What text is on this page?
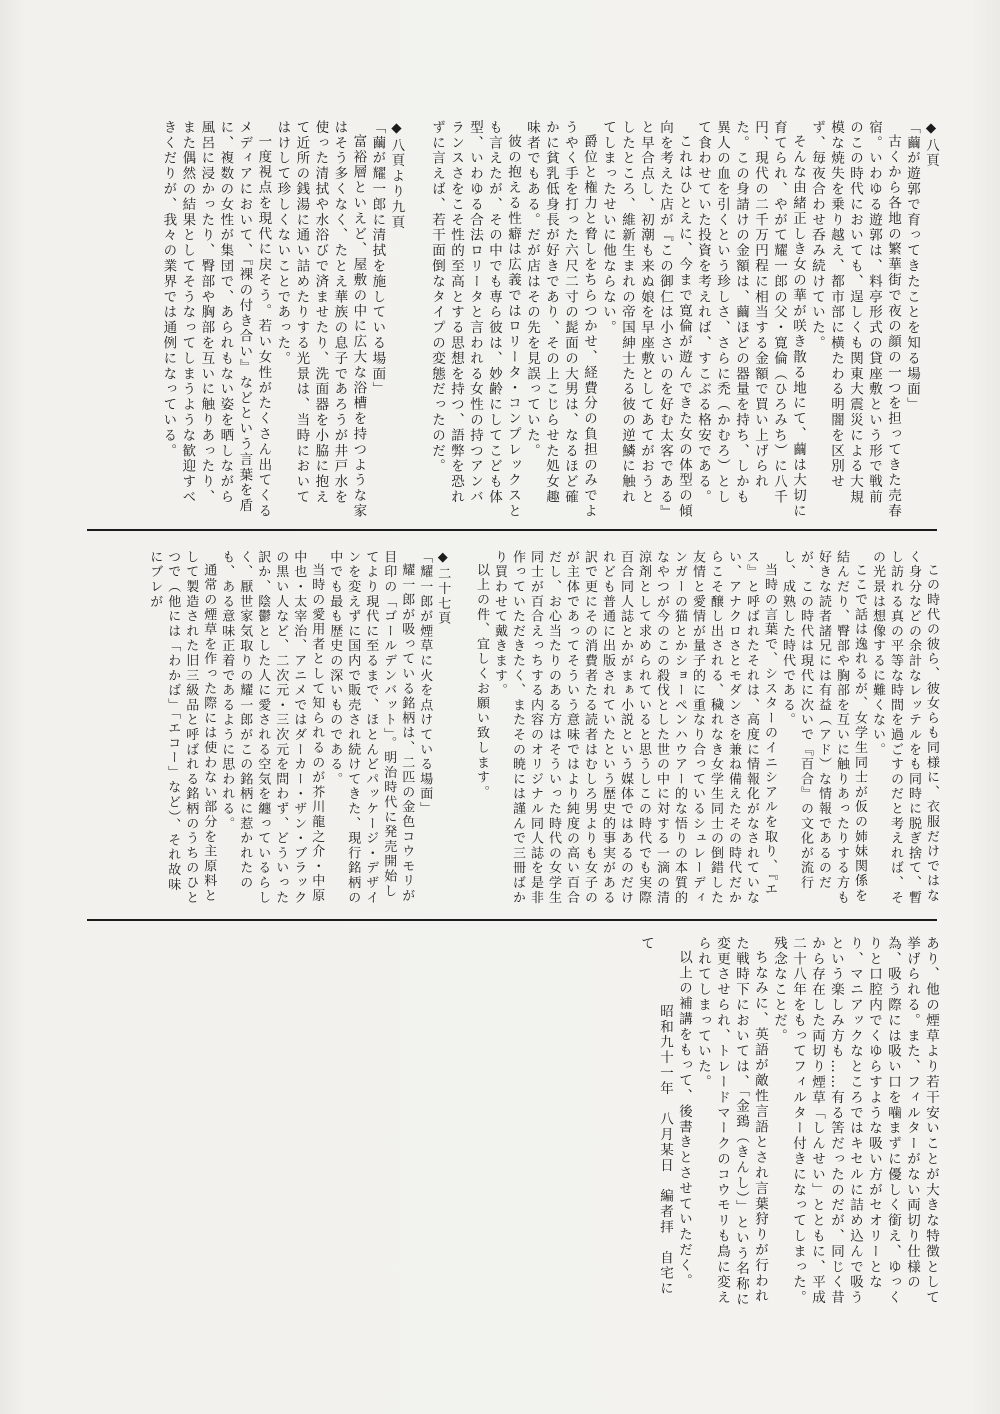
◆八頁
「繭が遊郭で育ってきたことを知る場面」

古くから各地の繁華街で夜の顔の一つを担ってきた売春宿。いわゆる遊郭は、料亭形式の貸座敷という形で戦前のこの時代においても、逞しくも関東大震災による大規模な焼失を乗り越え、都市部に横たわる明闇を区別せず、毎夜合わせ呑み続けていた。

そんな由緒正しき女の華が咲き散る地にて、繭は大切に育てられ、やがて耀一郎の父・寛倫（ひろみち）に八千円、現代の二千万円程に相当する金額で買い上げられた。この身請けの金額は、繭ほどの器量を持ち、しかも異人の血を引くという珍しさ、さらに禿（かむろ）として食わせていた投資を考えれば、すこぶる格安である。

これはひとえに、今まで寛倫が遊んできた女の体型の傾向を考えた店が『この御仁は小さいのを好む太客である』と早合点し、初潮も来ぬ娘を早座敷としてあてがおうとしたところ、維新生まれの帝国紳士たる彼の逆鱗に触れてしまったせいに他ならない。

爵位と権力と脅しをちらつかせ、経費分の負担のみでようやく手を打った六尺二寸の髭面の大男は、なるほど確かに貧乳低身長が好きであり、その上こじらせた処女趣味者でもある。だが店はその先を見誤っていた。

彼の抱える性癖は広義ではロリータ・コンプレックスとも言えたが、その中でも専ら彼は、妙齢にしてこども体型、いわゆる合法ロリータと言われる女性の持つアンバランスさをこそ性的至高とする思想を持つ、語弊を恐れずに言えば、若干面倒なタイプの変態だったのだ。

◆八頁より九頁
「繭が耀一郎に清拭を施している場面」

富裕層といえど、屋敷の中に広大な浴槽を持つような家はそう多くなく、たとえ華族の息子であろうが井戸水を使った清拭や水浴びで済ませたり、洗面器を小脇に抱えて近所の銭湯に通い詰めたりする光景は、当時においてはけして珍しくないことであった。

一度視点を現代に戻そう。若い女性がたくさん出てくるメディアにおいて、『裸の付き合い』などという言葉を盾に、複数の女性が集団で、あられもない姿を晒しながら風呂に浸かったり、臀部や胸部を互いに触りあったり、また偶然の結果としてそうなってしまうような歓迎すべきくだりが、我々の業界では通例になっている。

この時代の彼ら、彼女らも同様に、衣服だけではなく身分などの余計なレッテルをも同時に脱ぎ捨て、暫し訪れる真の平等な時間を過ごすのだと考えれば、その光景は想像するに難くない。

ここで話は逸れるが、女学生同士が仮の姉妹関係を結んだり、臀部や胸部を互いに触りあったりする方も好きな読者諸兄には有益（アド）な情報であるのだが、この時代は現代に次いで『百合』の文化が流行し、成熟した時代である。

当時の言葉で、シスターのイニシアルを取り、『エス』と呼ばれたそれは、高度に情報化がなされていない、アナクロさとモダンさを兼ね備えたその時代だからこそ醸し出される、穢れなき女学生同士の倒錯した友情と愛情が量子的に重なり合っているシュレーディンガーの猫とかショーペンハウアー的な悟りの本質的なやつが今のこの殺伐とした世の中に対する一滴の清涼剤として求められていると思うしこの時代でも実際百合同人誌とかがまぁ小説という媒体ではあるのだけれども普通に出版されていたという歴史的事実がある訳で更にその消費者たる読者はむしろ男よりも女子のが主体であってそういう意味ではより純度の高い百合だし、お心当たりのある方はそういった時代の女学生同士が百合えっちする内容のオリジナル同人誌を是非作っていただきたく、またその暁には謹んで三冊ばかり買わせて戴きます。

以上の件、宜しくお願い致します。

◆二十七頁
「耀一郎が煙草に火を点けている場面」

耀一郎が吸っている銘柄は、二匹の金色コウモリが目印の「ゴールデンバット」。明治時代に発売開始してより現代に至るまで、ほとんどパッケージ・デザインを変えずに国内で販売され続けてきた、現行銘柄の中でも最も歴史の深いものである。

当時の愛用者として知られるのが芥川龍之介・中原中也・太宰治、アニメではダーカー・ザン・ブラックの黒い人など、二次元・三次元を問わず、どういった訳か、陰鬱とした人に愛される空気を纏っているらしく、厭世家気取りの耀一郎がこの銘柄に惹かれたのも、ある意味正着であるように思われる。

通常の煙草を作った際には使わない部分を主原料として製造された旧三級品と呼ばれる銘柄のうちのひとつで（他には「わかば」「エコー」など）、それ故味にブレが

あり、他の煙草より若干安いことが大きな特徴として挙げられる。また、フィルターがない両切り仕様の為、吸う際には吸い口を噛まずに優しく銜え、ゆっくりと口腔内でくゆらすような吸い方がセオリーとなり、マニアックなところではキセルに詰め込んで吸うという楽しみ方も……有る筈だったのだが、同じく昔から存在した両切り煙草「しんせい」とともに、平成二十八年をもってフィルター付きになってしまった。残念なことだ。

ちなみに、英語が敵性言語とされ言葉狩りが行われた戦時下においては、「金鵄（きんし）」という名称に変更させられ、トレードマークのコウモリも鳥に変えられてしまっていた。

以上の補講をもって、後書きとさせていただく。

昭和九十一年　八月某日　編者拝　自宅にて
